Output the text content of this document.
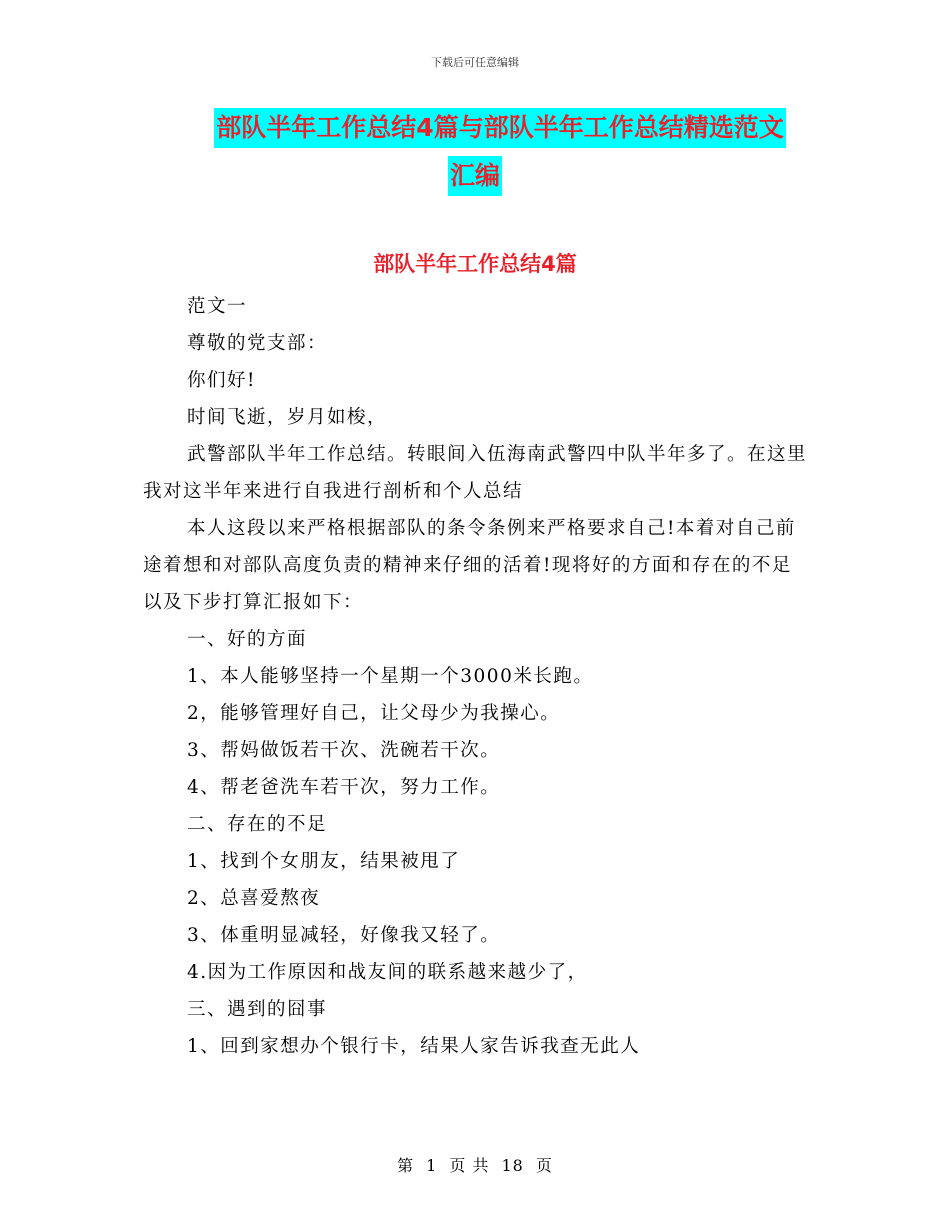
下载后可任意编辑
部队半年工作总结4篇与部队半年工作总结精选范文
汇编
部队半年工作总结4篇

范文一

尊敬的党支部：

你们好!

时间飞逝，岁月如梭，

武警部队半年工作总结。转眼间入伍海南武警四中队半年多了。在这里我对这半年来进行自我进行剖析和个人总结

本人这段以来严格根据部队的条令条例来严格要求自己!本着对自己前途着想和对部队高度负责的精神来仔细的活着!现将好的方面和存在的不足以及下步打算汇报如下：

一、好的方面

1、本人能够坚持一个星期一个3000米长跑。

2，能够管理好自己，让父母少为我操心。

3、帮妈做饭若干次、洗碗若干次。

4、帮老爸洗车若干次，努力工作。

二、存在的不足

1、找到个女朋友，结果被甩了

2、总喜爱熬夜

3、体重明显减轻，好像我又轻了。

4.因为工作原因和战友间的联系越来越少了，

三、遇到的囧事

1、回到家想办个银行卡，结果人家告诉我查无此人

第 1 页 共 18 页
